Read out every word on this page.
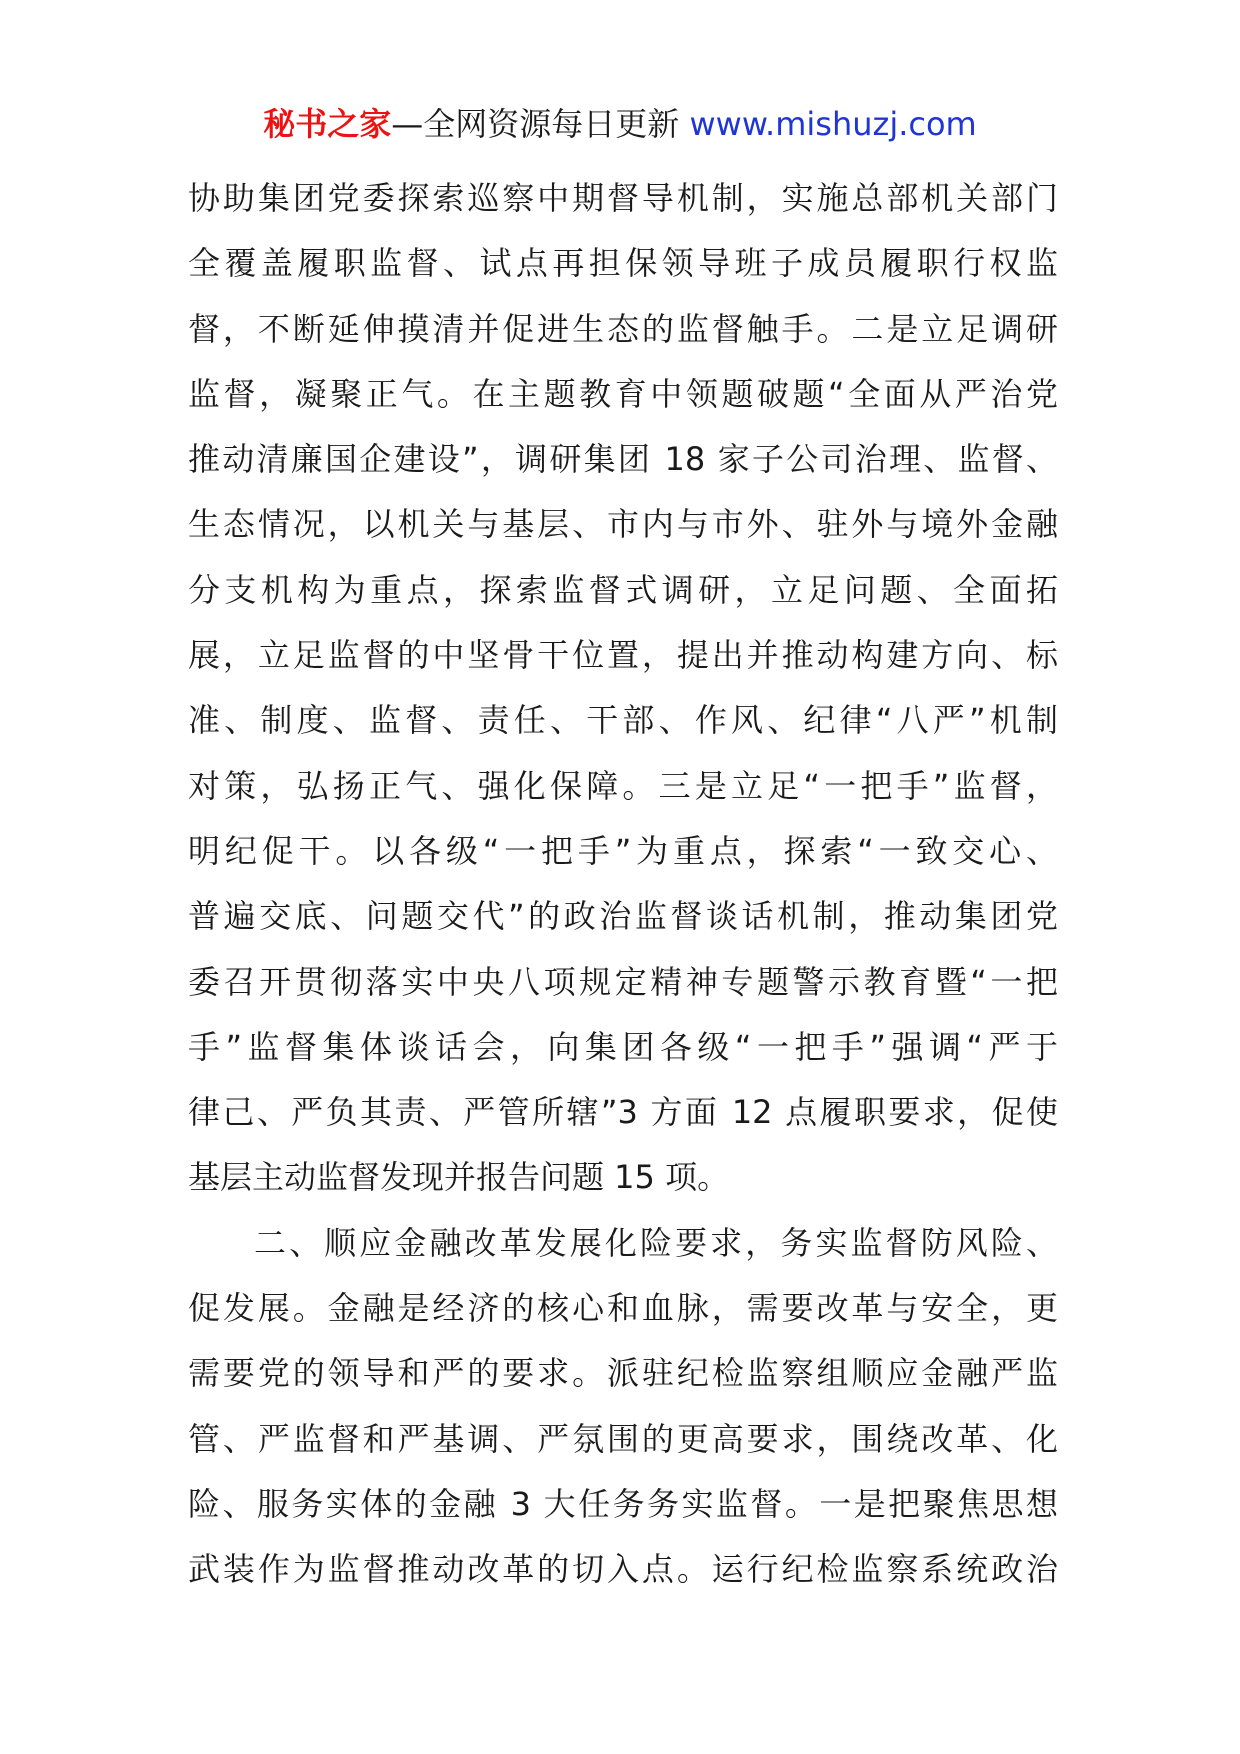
秘书之家—全网资源每日更新 www.mishuzj.com
协助集团党委探索巡察中期督导机制，实施总部机关部门
全覆盖履职监督、试点再担保领导班子成员履职行权监
督，不断延伸摸清并促进生态的监督触手。二是立足调研
监督，凝聚正气。在主题教育中领题破题“全面从严治党
推动清廉国企建设”，调研集团 18 家子公司治理、监督、
生态情况，以机关与基层、市内与市外、驻外与境外金融
分支机构为重点，探索监督式调研，立足问题、全面拓
展，立足监督的中坚骨干位置，提出并推动构建方向、标
准、制度、监督、责任、干部、作风、纪律“八严”机制
对策，弘扬正气、强化保障。三是立足“一把手”监督，
明纪促干。以各级“一把手”为重点，探索“一致交心、
普遍交底、问题交代”的政治监督谈话机制，推动集团党
委召开贯彻落实中央八项规定精神专题警示教育暨“一把
手”监督集体谈话会，向集团各级“一把手”强调“严于
律己、严负其责、严管所辖”3 方面 12 点履职要求，促使
基层主动监督发现并报告问题 15 项。
二、顺应金融改革发展化险要求，务实监督防风险、
促发展。金融是经济的核心和血脉，需要改革与安全，更
需要党的领导和严的要求。派驻纪检监察组顺应金融严监
管、严监督和严基调、严氛围的更高要求，围绕改革、化
险、服务实体的金融 3 大任务务实监督。一是把聚焦思想
武装作为监督推动改革的切入点。运行纪检监察系统政治
